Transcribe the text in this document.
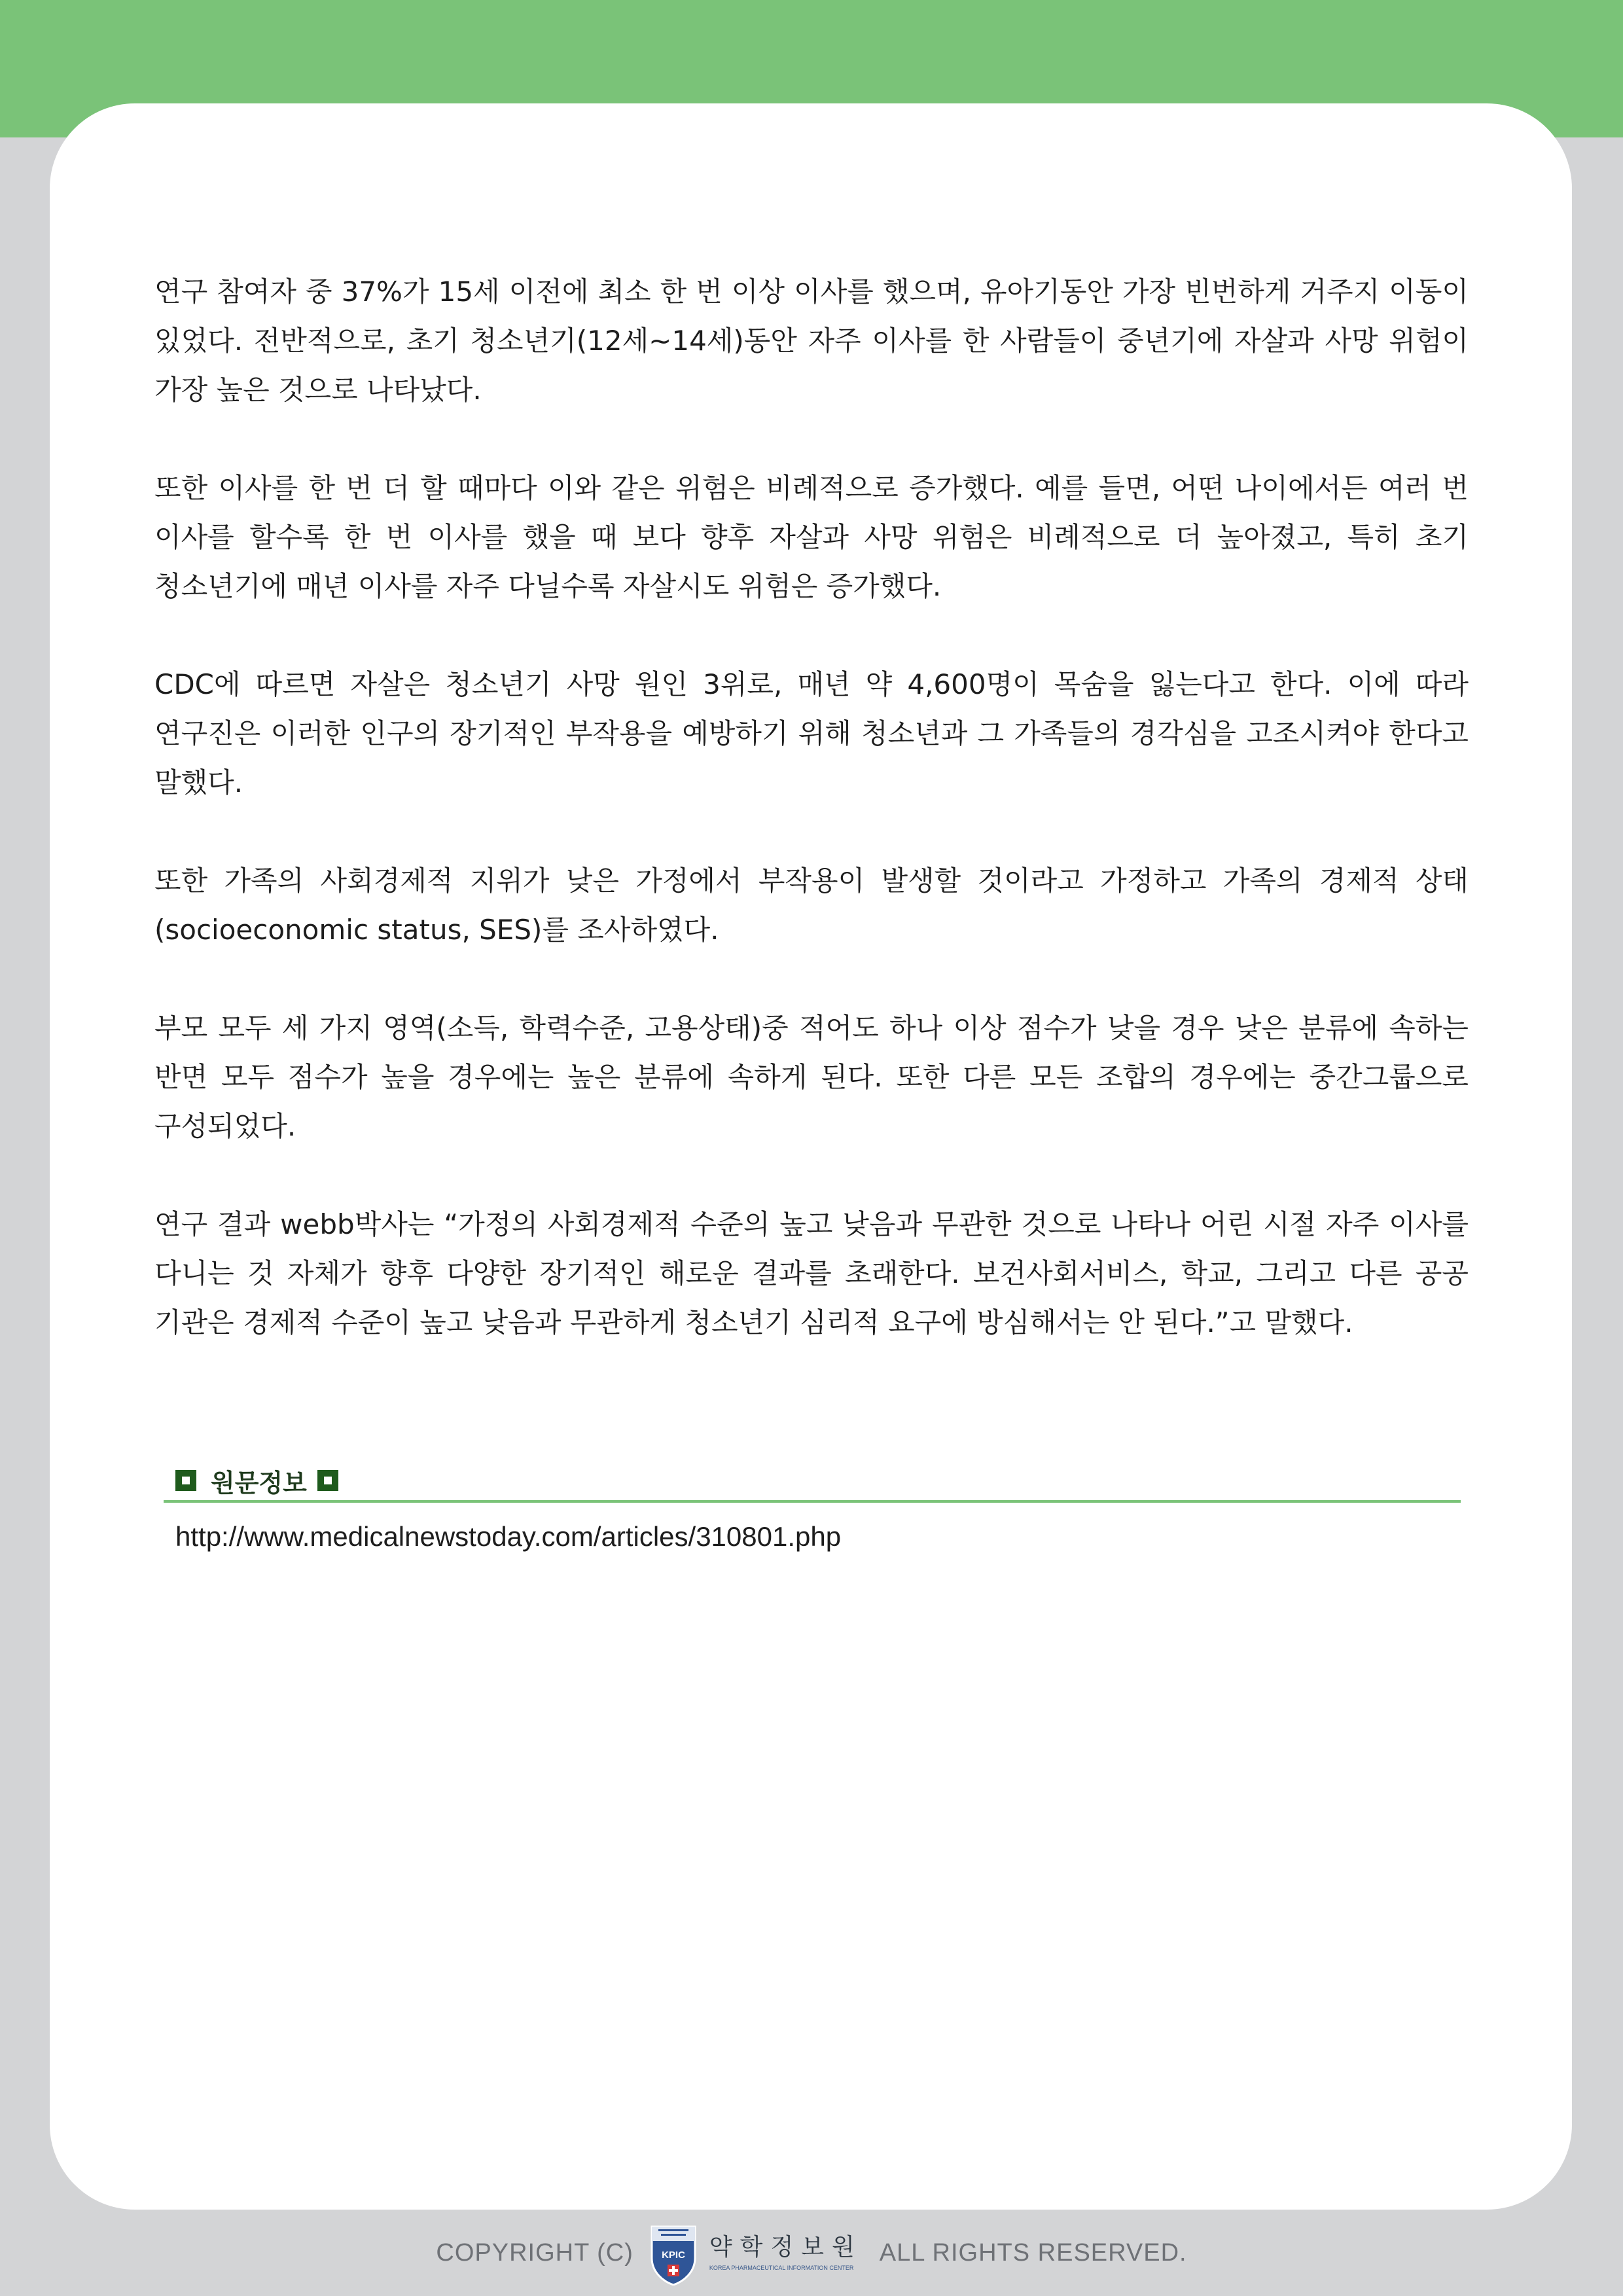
연구 참여자 중 37%가 15세 이전에 최소 한 번 이상 이사를 했으며, 유아기동안 가장 빈번하게 거주지 이동이 있었다. 전반적으로, 초기 청소년기(12세~14세)동안 자주 이사를 한 사람들이 중년기에 자살과 사망 위험이 가장 높은 것으로 나타났다.

또한 이사를 한 번 더 할 때마다 이와 같은 위험은 비례적으로 증가했다. 예를 들면, 어떤 나이에서든 여러 번 이사를 할수록 한 번 이사를 했을 때 보다 향후 자살과 사망 위험은 비례적으로 더 높아졌고, 특히 초기 청소년기에 매년 이사를 자주 다닐수록 자살시도 위험은 증가했다.

CDC에 따르면 자살은 청소년기 사망 원인 3위로, 매년 약 4,600명이 목숨을 잃는다고 한다. 이에 따라 연구진은 이러한 인구의 장기적인 부작용을 예방하기 위해 청소년과 그 가족들의 경각심을 고조시켜야 한다고 말했다.

또한 가족의 사회경제적 지위가 낮은 가정에서 부작용이 발생할 것이라고 가정하고 가족의 경제적 상태(socioeconomic status, SES)를 조사하였다.

부모 모두 세 가지 영역(소득, 학력수준, 고용상태)중 적어도 하나 이상 점수가 낮을 경우 낮은 분류에 속하는 반면 모두 점수가 높을 경우에는 높은 분류에 속하게 된다. 또한 다른 모든 조합의 경우에는 중간그룹으로 구성되었다.

연구 결과 webb박사는 “가정의 사회경제적 수준의 높고 낮음과 무관한 것으로 나타나 어린 시절 자주 이사를 다니는 것 자체가 향후 다양한 장기적인 해로운 결과를 초래한다. 보건사회서비스, 학교, 그리고 다른 공공 기관은 경제적 수준이 높고 낮음과 무관하게 청소년기 심리적 요구에 방심해서는 안 된다.”고 말했다.

원문정보
http://www.medicalnewstoday.com/articles/310801.php
COPYRIGHT (C)	KPIC 약학정보원
KOREA PHARMACEUTICAL INFORMATION CENTER
ALL RIGHTS RESERVED.
